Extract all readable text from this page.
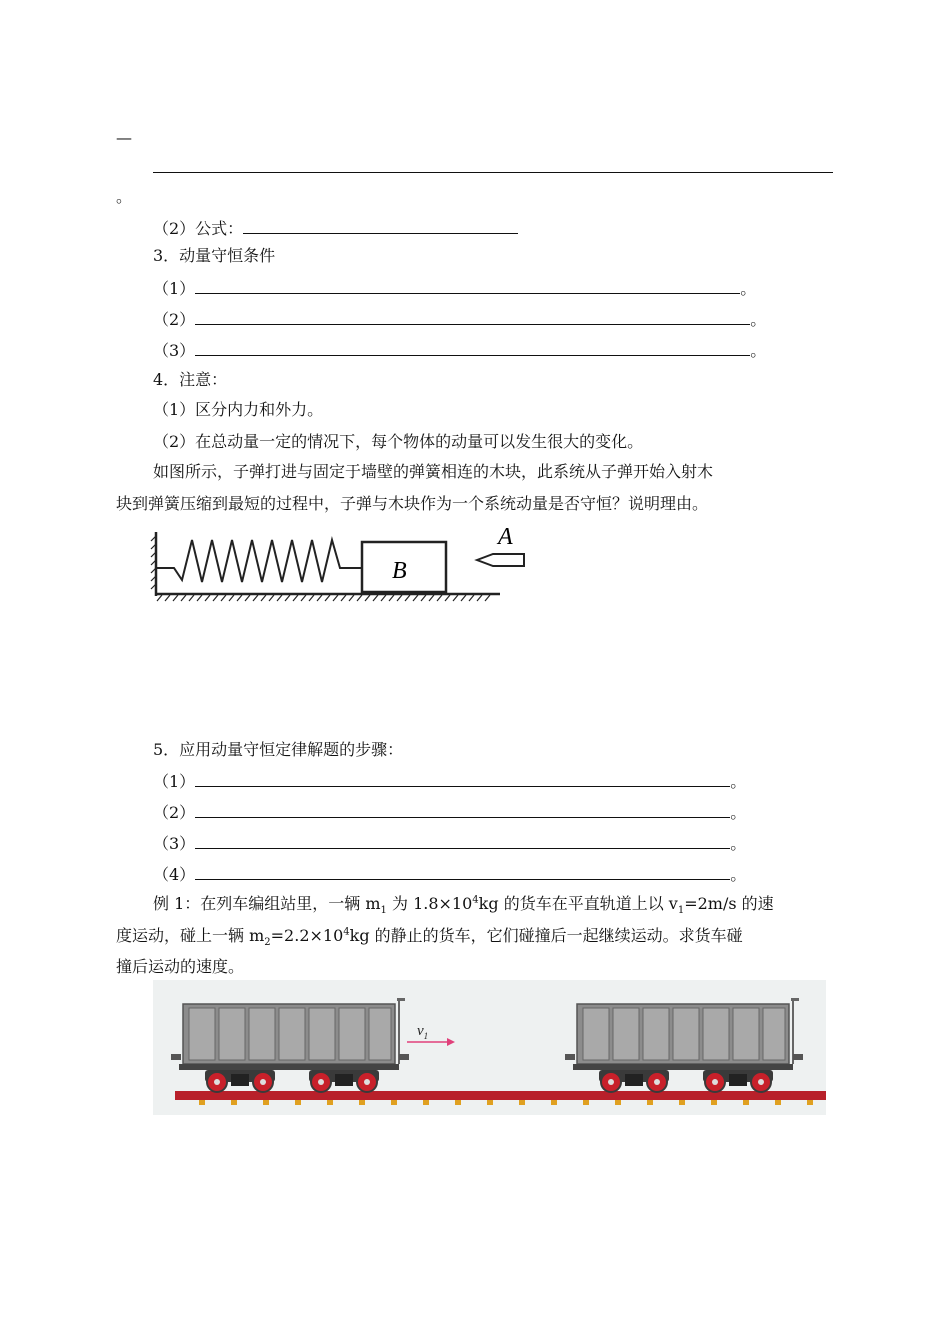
—
。
（2）公式：
3．动量守恒条件
（1）	。
（2）	。
（3）	。
4．注意：
（1）区分内力和外力。
（2）在总动量一定的情况下，每个物体的动量可以发生很大的变化。
如图所示，子弹打进与固定于墙壁的弹簧相连的木块，此系统从子弹开始入射木
块到弹簧压缩到最短的过程中，子弹与木块作为一个系统动量是否守恒？说明理由。
B
A
5．应用动量守恒定律解题的步骤：
（1）	。
（2）	。
（3）	。
（4）	。
例 1：在列车编组站里，一辆 $m_1$ 为 $1.8\times 10^4kg$ 的货车在平直轨道上以 $v_1=2m/s$ 的速
度运动，碰上一辆 $m_2=2.2\times 10^4kg$ 的静止的货车，它们碰撞后一起继续运动。求货车碰
撞后运动的速度。
$v_1$
